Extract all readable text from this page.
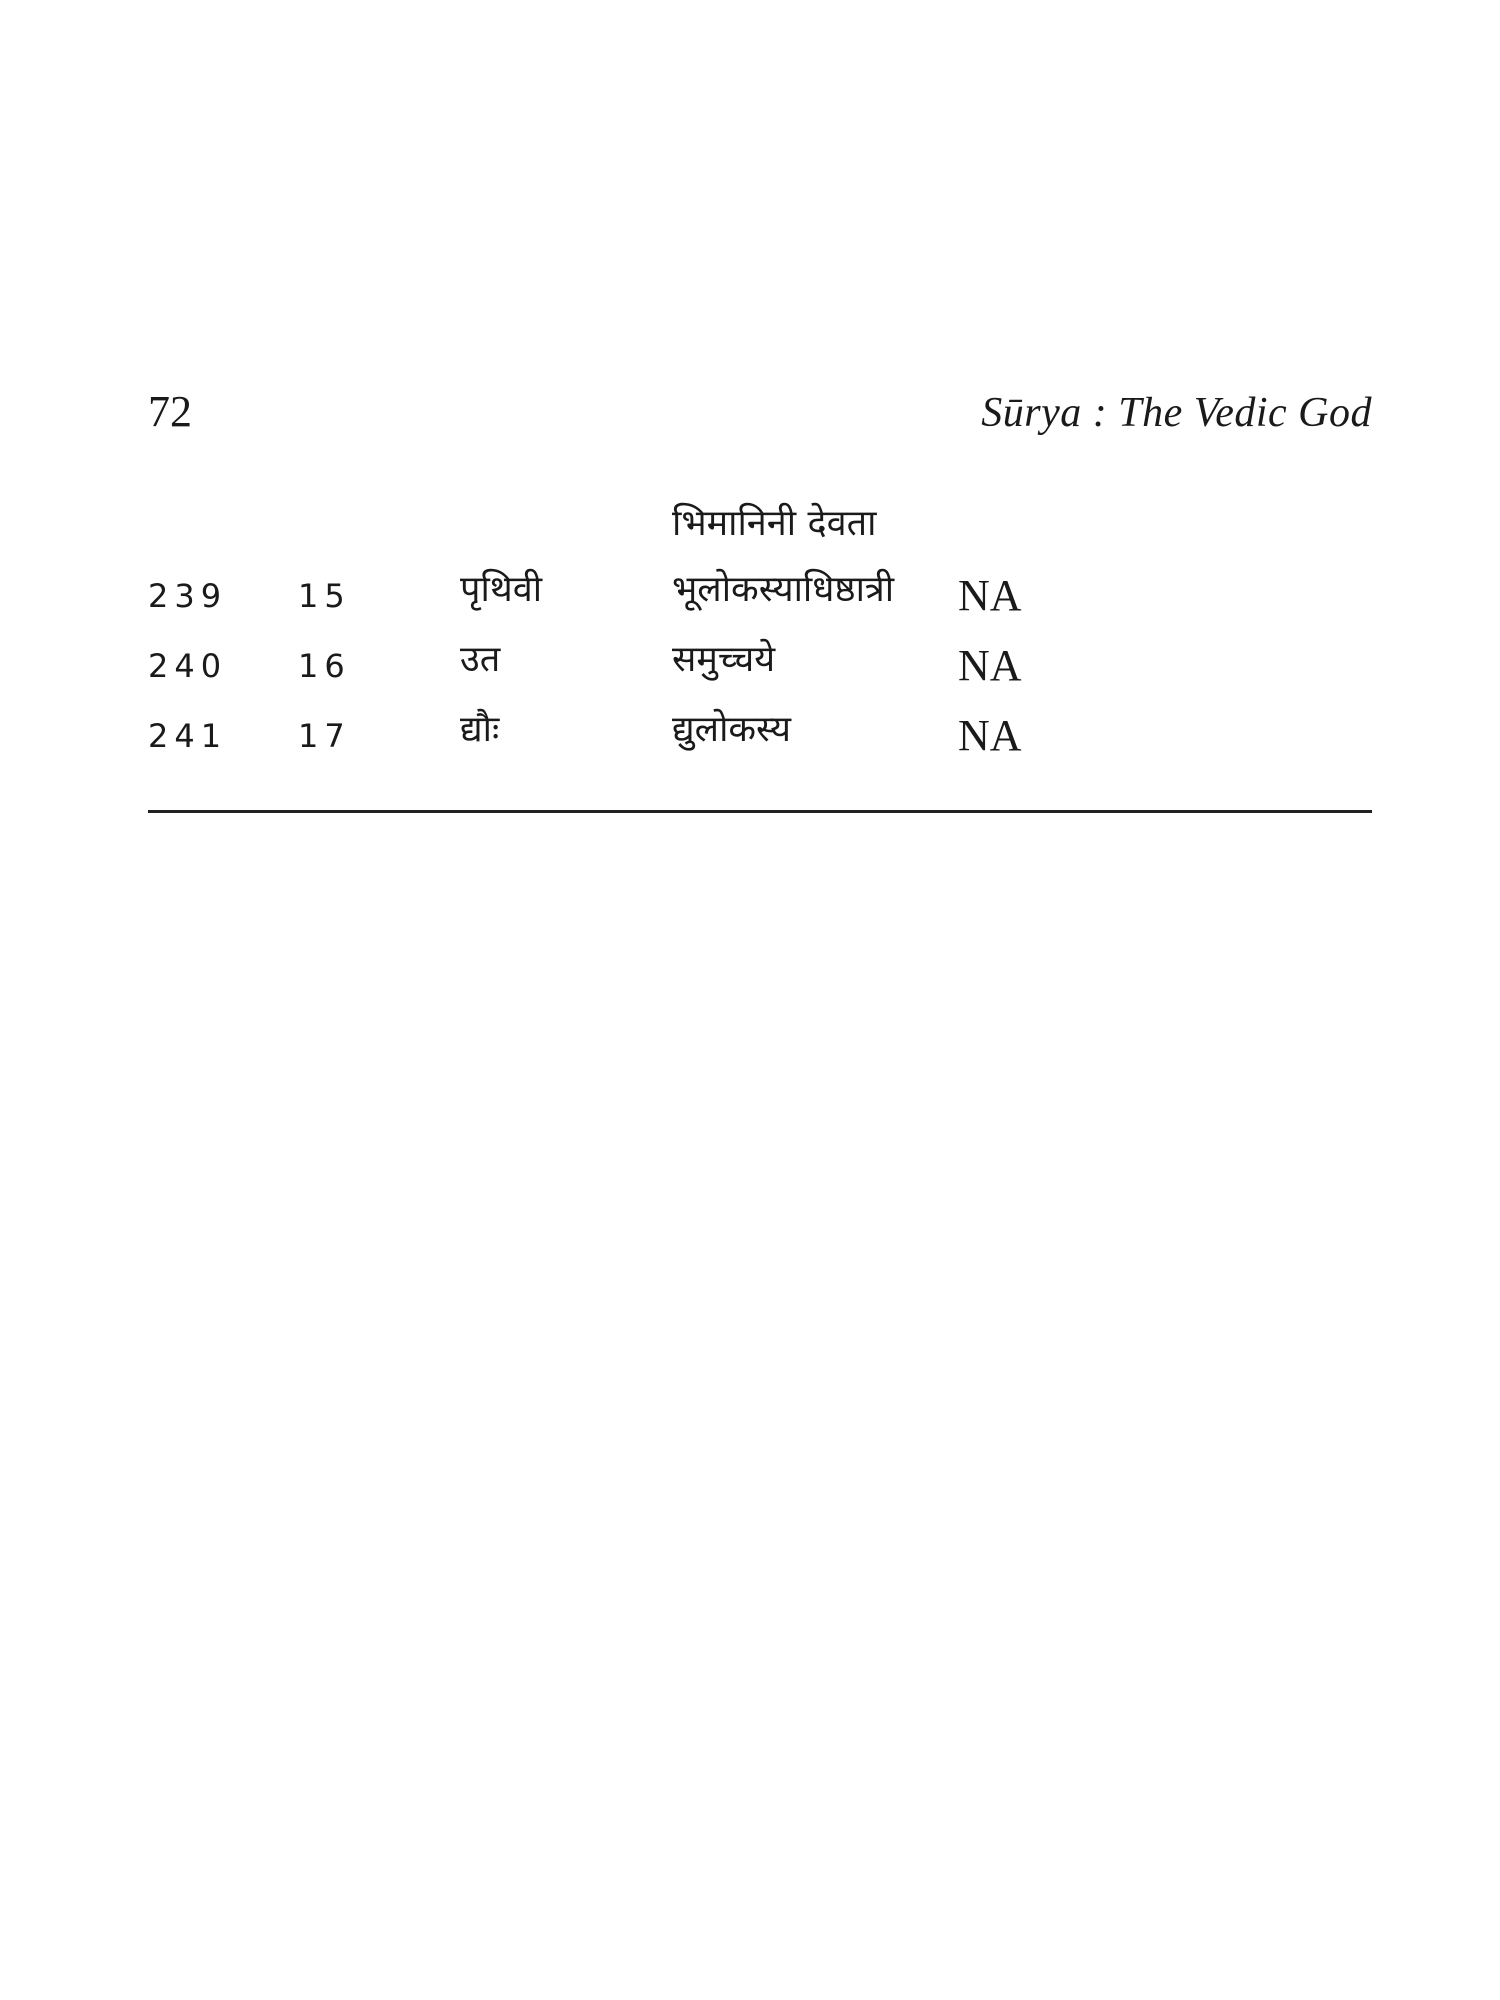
72	Sūrya : The Vedic God
भिमानिनी देवता
239 15	पृथिवी	भूलोकस्याधिष्ठात्री NA
240 16	उत	समुच्चये	NA
241 17	द्यौः	द्युलोकस्य	NA
